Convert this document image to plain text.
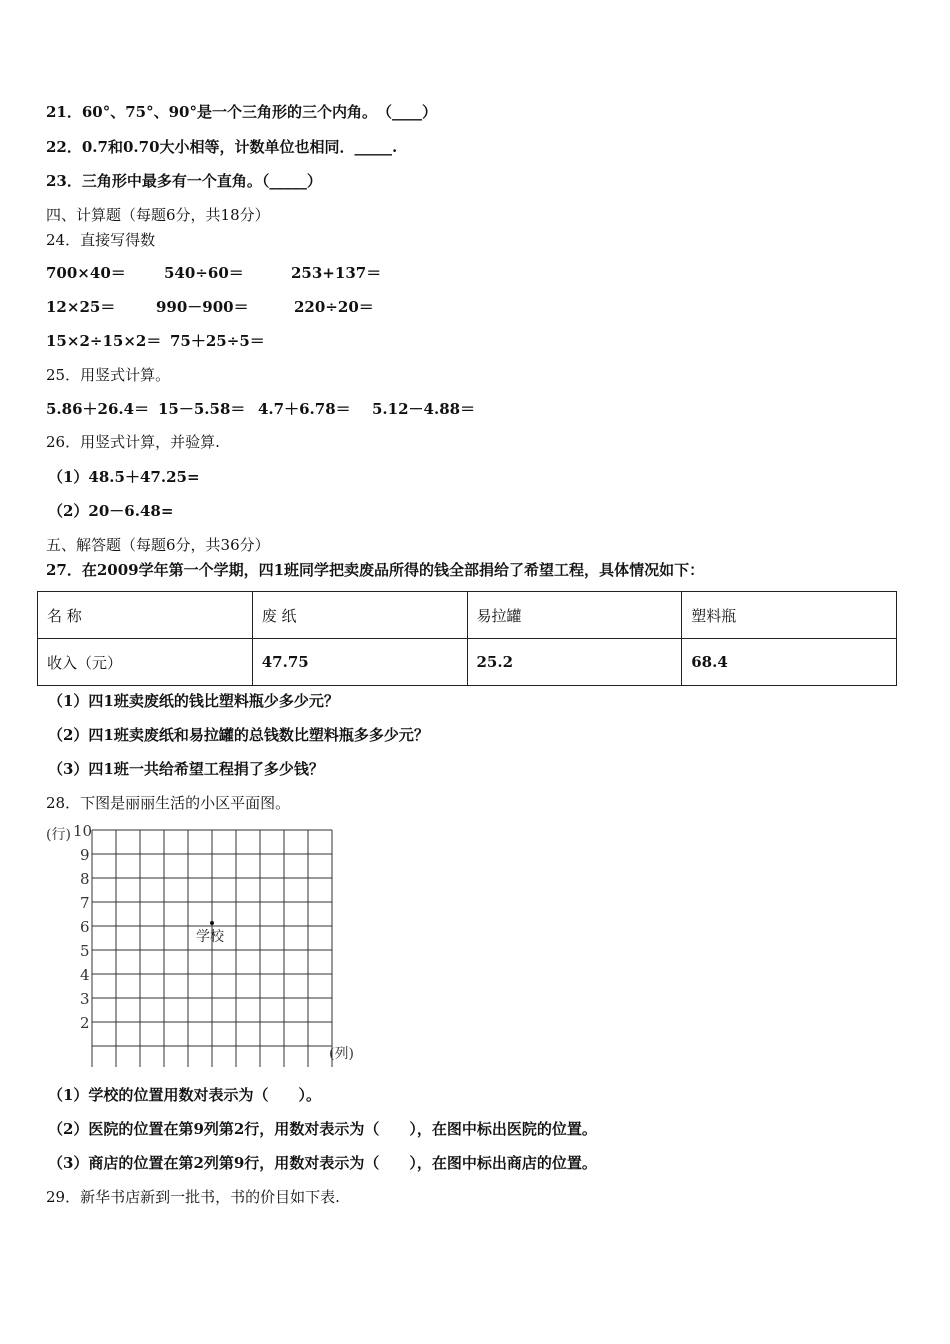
21．60°、75°、90°是一个三角形的三个内角。　（____）
22．0.7和0.70大小相等，计数单位也相同．_____.
23．三角形中最多有一个直角。（_____）
四、计算题（每题6分，共18分）
24．直接写得数
700×40＝	540÷60＝	253+137＝
12×25＝	990－900＝	220÷20＝
15×2÷15×2＝ 75＋25÷5＝
25．用竖式计算。
5.86＋26.4＝ 15－5.58＝ 4.7＋6.78＝ 5.12－4.88＝
26．用竖式计算，并验算.
（1）48.5＋47.25=
（2）20－6.48=
五、解答题（每题6分，共36分）
27．在2009学年第一个学期，四1班同学把卖废品所得的钱全部捐给了希望工程，具体情况如下：
名 称	废 纸	易拉罐	塑料瓶
收入（元）	47.75	25.2	68.4
（1）四1班卖废纸的钱比塑料瓶少多少元？
（2）四1班卖废纸和易拉罐的总钱数比塑料瓶多多少元？
（3）四1班一共给希望工程捐了多少钱？
28．下图是丽丽生活的小区平面图。
(行)
(列)
10
9
8
7
6
5
4
3
2
学校
（1）学校的位置用数对表示为（　　）。
（2）医院的位置在第9列第2行，用数对表示为（　　），在图中标出医院的位置。
（3）商店的位置在第2列第9行，用数对表示为（　　），在图中标出商店的位置。
29．新华书店新到一批书，书的价目如下表.
